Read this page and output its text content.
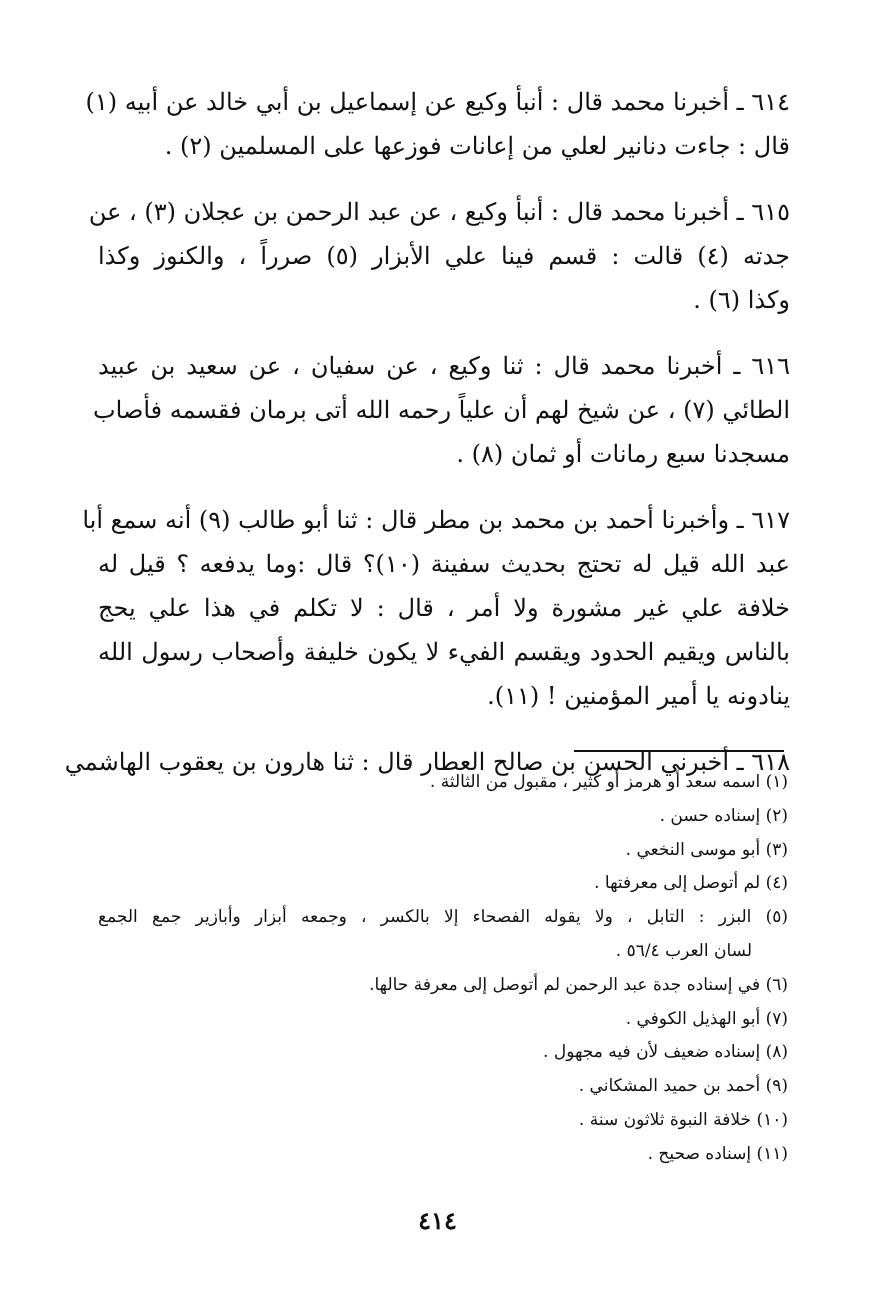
٦١٤ ـ أخبرنا محمد قال : أنبأ وكيع عن إسماعيل بن أبي خالد عن أبيه (١)
قال : جاءت دنانير لعلي من إعانات فوزعها على المسلمين (٢) .
٦١٥ ـ أخبرنا محمد قال : أنبأ وكيع ، عن عبد الرحمن بن عجلان (٣) ، عن
جدته (٤) قالت : قسم فينا علي الأبزار (٥) صرراً ، والكنوز وكذا
وكذا (٦) .
٦١٦ ـ أخبرنا محمد قال : ثنا وكيع ، عن سفيان ، عن سعيد بن عبيد
الطائي (٧) ، عن شيخ لهم أن علياً رحمه الله أتى برمان فقسمه فأصاب
مسجدنا سبع رمانات أو ثمان (٨) .
٦١٧ ـ وأخبرنا أحمد بن محمد بن مطر قال : ثنا أبو طالب (٩) أنه سمع أبا
عبد الله قيل له تحتج بحديث سفينة (١٠)؟ قال :وما يدفعه ؟ قيل له
خلافة علي غير مشورة ولا أمر ، قال : لا تكلم في هذا علي يحج
بالناس ويقيم الحدود ويقسم الفيء لا يكون خليفة وأصحاب رسول الله
ينادونه يا أمير المؤمنين ! (١١).
٦١٨ ـ أخبرني الحسن بن صالح العطار قال : ثنا هارون بن يعقوب الهاشمي
(١) اسمه سعد أو هرمز أو كثير ، مقبول من الثالثة .
(٢) إسناده حسن .
(٣) أبو موسى النخعي .
(٤) لم أتوصل إلى معرفتها .
(٥) البزر : التابل ، ولا يقوله الفصحاء إلا بالكسر ، وجمعه أبزار وأبازير جمع الجمع
لسان العرب ٥٦/٤ .
(٦) في إسناده جدة عبد الرحمن لم أتوصل إلى معرفة حالها.
(٧) أبو الهذيل الكوفي .
(٨) إسناده ضعيف لأن فيه مجهول .
(٩) أحمد بن حميد المشكاني .
(١٠) خلافة النبوة ثلاثون سنة .
(١١) إسناده صحيح .
٤١٤
